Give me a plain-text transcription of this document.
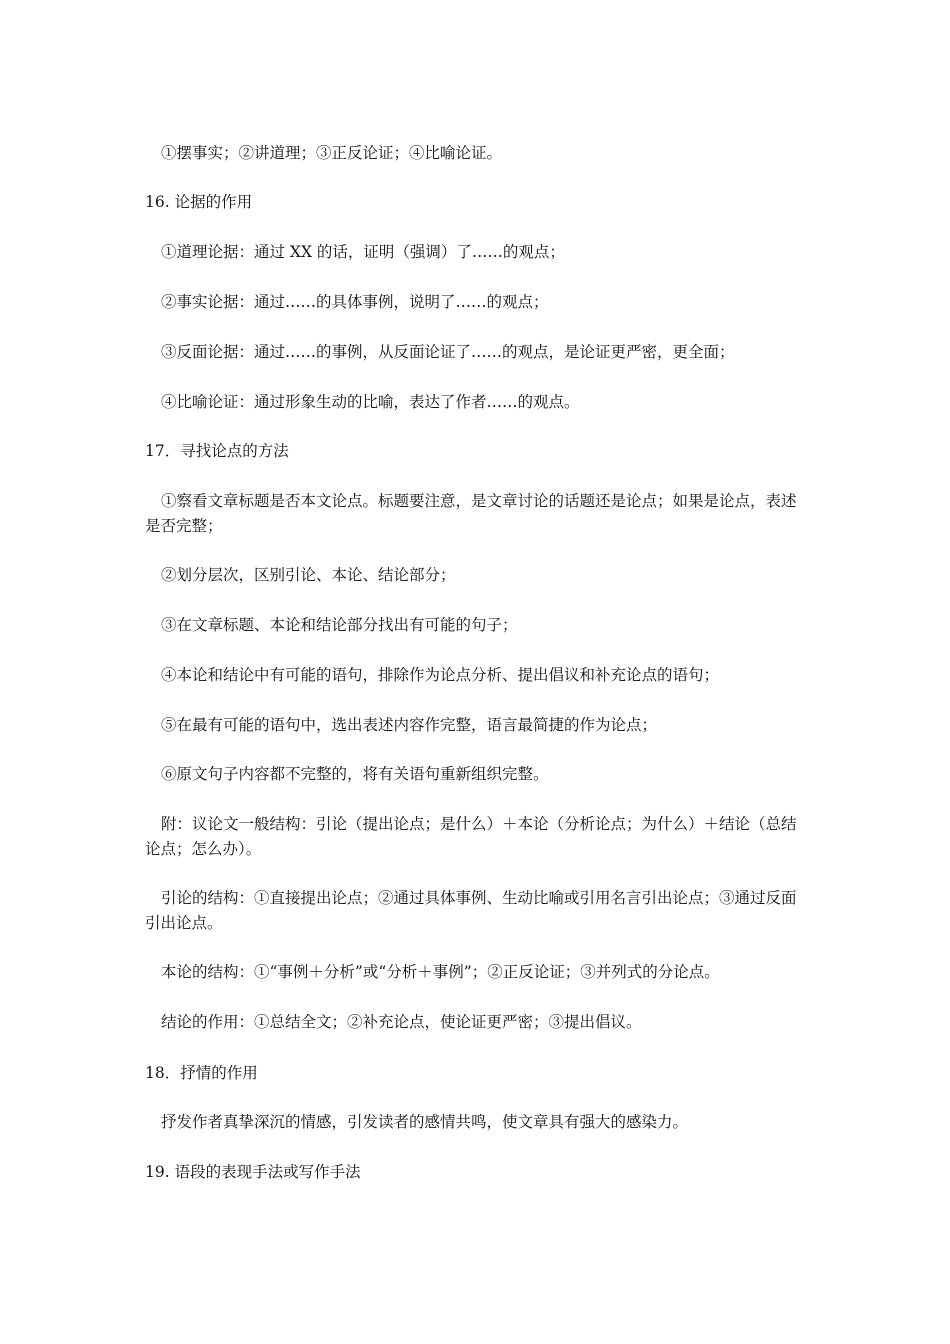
①摆事实；②讲道理；③正反论证；④比喻论证。
16. 论据的作用
①道理论据：通过 XX 的话，证明（强调）了……的观点；
②事实论据：通过……的具体事例，说明了……的观点；
③反面论据：通过……的事例，从反面论证了……的观点，是论证更严密，更全面；
④比喻论证：通过形象生动的比喻，表达了作者……的观点。
17．寻找论点的方法
①察看文章标题是否本文论点。标题要注意，是文章讨论的话题还是论点；如果是论点，表述是否完整；
②划分层次，区别引论、本论、结论部分；
③在文章标题、本论和结论部分找出有可能的句子；
④本论和结论中有可能的语句，排除作为论点分析、提出倡议和补充论点的语句；
⑤在最有可能的语句中，选出表述内容作完整，语言最简捷的作为论点；
⑥原文句子内容都不完整的，将有关语句重新组织完整。
附：议论文一般结构：引论（提出论点；是什么）＋本论（分析论点；为什么）＋结论（总结论点；怎么办）。
引论的结构：①直接提出论点；②通过具体事例、生动比喻或引用名言引出论点；③通过反面引出论点。
本论的结构：①“事例＋分析”或“分析＋事例”；②正反论证；③并列式的分论点。
结论的作用：①总结全文；②补充论点，使论证更严密；③提出倡议。
18．抒情的作用
抒发作者真挚深沉的情感，引发读者的感情共鸣，使文章具有强大的感染力。
19. 语段的表现手法或写作手法
